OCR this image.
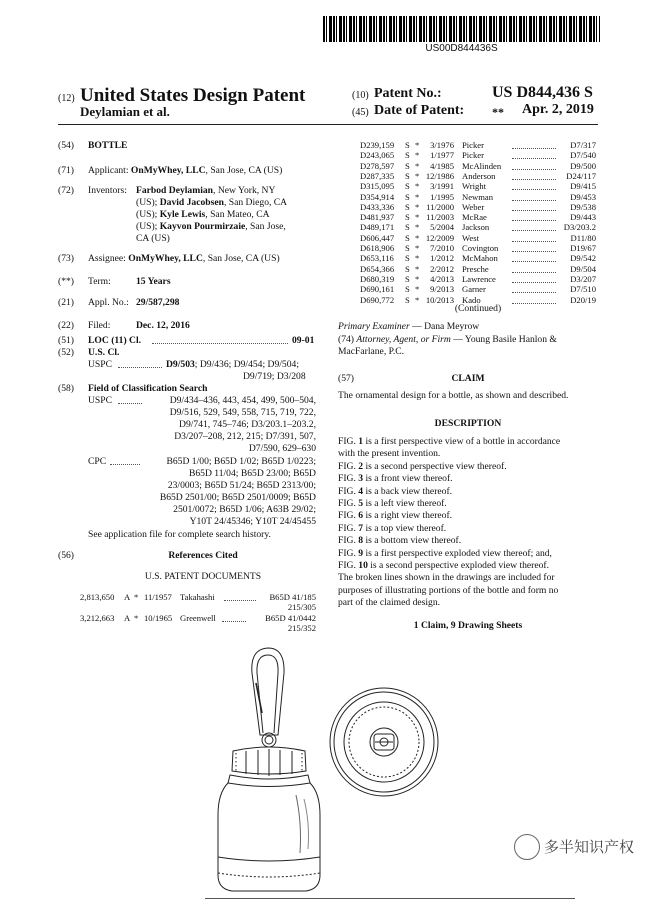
US00D844436S
(12) United States Design Patent
Deylamian et al.
(10) Patent No.:	US D844,436 S
(45) Date of Patent: ** Apr. 2, 2019
(54) BOTTLE
(71) Applicant: OnMyWhey, LLC, San Jose, CA (US)
(72) Inventors: Farbod Deylamian, New York, NY
(US); David Jacobsen, San Diego, CA
(US); Kyle Lewis, San Mateo, CA
(US); Kayvon Pourmirzaie, San Jose,
CA (US)
(73) Assignee: OnMyWhey, LLC, San Jose, CA (US)
(**) Term:	15 Years
(21) Appl. No.: 29/587,298
(22) Filed:	Dec. 12, 2016
(51) LOC (11) Cl.	09-01
(52) U.S. Cl.
USPC	D9/503; D9/436; D9/454; D9/504;
D9/719; D3/208
(58) Field of Classification Search
USPC	D9/434–436, 443, 454, 499, 500–504,
D9/516, 529, 549, 558, 715, 719, 722,
D9/741, 745–746; D3/203.1–203.2,
D3/207–208, 212, 215; D7/391, 507,
D7/590, 629–630
CPC	B65D 1/00; B65D 1/02; B65D 1/0223;
B65D 11/04; B65D 23/00; B65D
23/0003; B65D 51/24; B65D 2313/00;
B65D 2501/00; B65D 2501/0009; B65D
2501/0072; B65D 1/06; A63B 29/02;
Y10T 24/45346; Y10T 24/45455
See application file for complete search history.
(56)	References Cited
U.S. PATENT DOCUMENTS
2,813,650 A * 11/1957 Takahashi	B65D 41/185
215/305
3,212,663 A * 10/1965 Greenwell	B65D 41/0442
215/352
D239,159 S *	3/1976 Picker	D7/317
D243,065 S *	1/1977 Picker	D7/540
D278,597 S *	4/1985 McAlinden	D9/500
D287,335 S * 12/1986 Anderson	D24/117
D315,095 S *	3/1991 Wright	D9/415
D354,914 S *	1/1995 Newman	D9/453
D433,336 S * 11/2000 Weber	D9/538
D481,937 S * 11/2003 McRae	D9/443
D489,171 S *	5/2004 Jackson	D3/203.2
D606,447 S * 12/2009 West	D11/80
D618,906 S *	7/2010 Covington	D19/67
D653,116 S *	1/2012 McMahon	D9/542
D654,366 S *	2/2012 Presche	D9/504
D680,319 S *	4/2013 Lawrence	D3/207
D690,161 S *	9/2013 Garner	D7/510
D690,772 S * 10/2013 Kado	D20/19
(Continued)
Primary Examiner — Dana Meyrow
(74) Attorney, Agent, or Firm — Young Basile Hanlon &
MacFarlane, P.C.
(57)	CLAIM
The ornamental design for a bottle, as shown and described.
DESCRIPTION
FIG. 1 is a first perspective view of a bottle in accordance
with the present invention.
FIG. 2 is a second perspective view thereof.
FIG. 3 is a front view thereof.
FIG. 4 is a back view thereof.
FIG. 5 is a left view thereof.
FIG. 6 is a right view thereof.
FIG. 7 is a top view thereof.
FIG. 8 is a bottom view thereof.
FIG. 9 is a first perspective exploded view thereof; and,
FIG. 10 is a second perspective exploded view thereof.
The broken lines shown in the drawings are included for
purposes of illustrating portions of the bottle and form no
part of the claimed design.
1 Claim, 9 Drawing Sheets
多半知识产权
